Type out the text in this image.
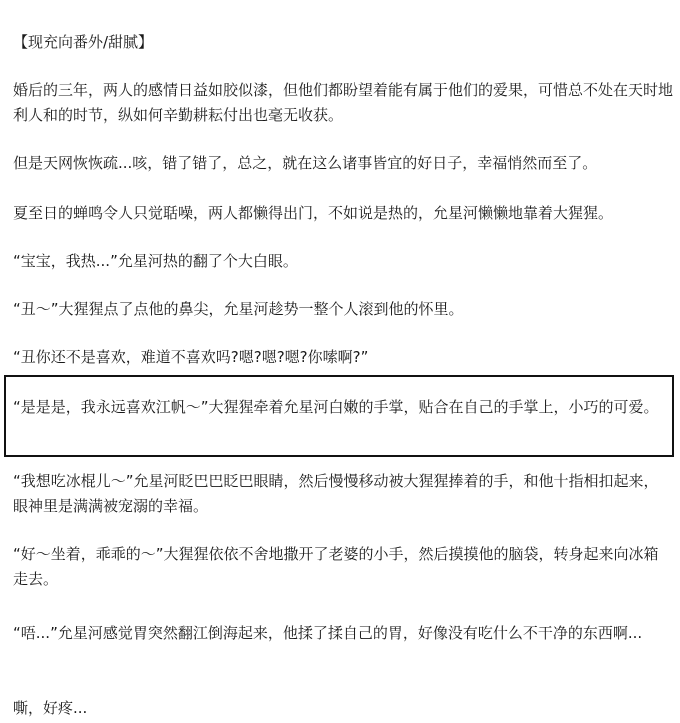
【现充向番外/甜腻】

婚后的三年，两人的感情日益如胶似漆，但他们都盼望着能有属于他们的爱果，可惜总不处在天时地利人和的时节，纵如何辛勤耕耘付出也毫无收获。

但是天网恢恢疏...咳，错了错了，总之，就在这么诸事皆宜的好日子，幸福悄然而至了。

夏至日的蝉鸣令人只觉聒噪，两人都懒得出门，不如说是热的，允星河懒懒地靠着大猩猩。

“宝宝，我热...”允星河热的翻了个大白眼。

“丑～”大猩猩点了点他的鼻尖，允星河趁势一整个人滚到他的怀里。

“丑你还不是喜欢，难道不喜欢吗?嗯?嗯?嗯?你嗦啊?”

“是是是，我永远喜欢江帆～”大猩猩牵着允星河白嫩的手掌，贴合在自己的手掌上，小巧的可爱。

“我想吃冰棍儿～”允星河眨巴巴眨巴眼睛，然后慢慢移动被大猩猩捧着的手，和他十指相扣起来，眼神里是满满被宠溺的幸福。

“好～坐着，乖乖的～”大猩猩依依不舍地撒开了老婆的小手，然后摸摸他的脑袋，转身起来向冰箱走去。

“唔...”允星河感觉胃突然翻江倒海起来，他揉了揉自己的胃，好像没有吃什么不干净的东西啊...

嘶，好疼...
